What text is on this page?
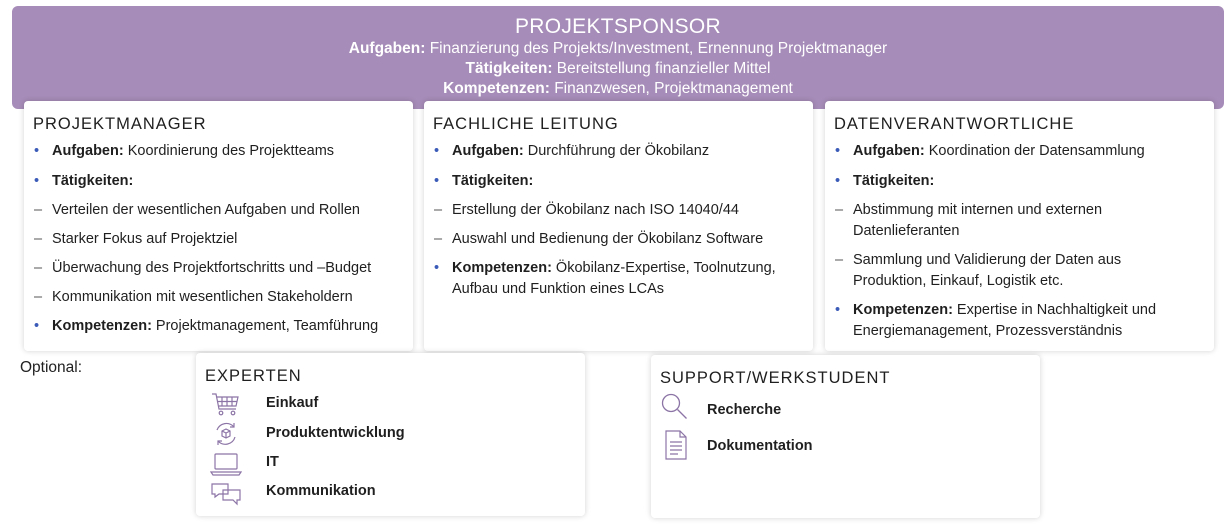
PROJEKTSPONSOR
Aufgaben: Finanzierung des Projekts/Investment, Ernennung Projektmanager
Tätigkeiten: Bereitstellung finanzieller Mittel
Kompetenzen: Finanzwesen, Projektmanagement
PROJEKTMANAGER
• Aufgaben: Koordinierung des Projektteams
• Tätigkeiten:
– Verteilen der wesentlichen Aufgaben und Rollen
– Starker Fokus auf Projektziel
– Überwachung des Projektfortschritts und –Budget
– Kommunikation mit wesentlichen Stakeholdern
• Kompetenzen: Projektmanagement, Teamführung
FACHLICHE LEITUNG
• Aufgaben: Durchführung der Ökobilanz
• Tätigkeiten:
– Erstellung der Ökobilanz nach ISO 14040/44
– Auswahl und Bedienung der Ökobilanz Software
• Kompetenzen: Ökobilanz-Expertise, Toolnutzung, Aufbau und Funktion eines LCAs
DATENVERANTWORTLICHE
• Aufgaben: Koordination der Datensammlung
• Tätigkeiten:
– Abstimmung mit internen und externen Datenlieferanten
– Sammlung und Validierung der Daten aus Produktion, Einkauf, Logistik etc.
• Kompetenzen: Expertise in Nachhaltigkeit und Energiemanagement, Prozessverständnis
Optional:	EXPERTEN
Einkauf
Produktentwicklung
IT
Kommunikation
SUPPORT/WERKSTUDENT
Recherche
Dokumentation
